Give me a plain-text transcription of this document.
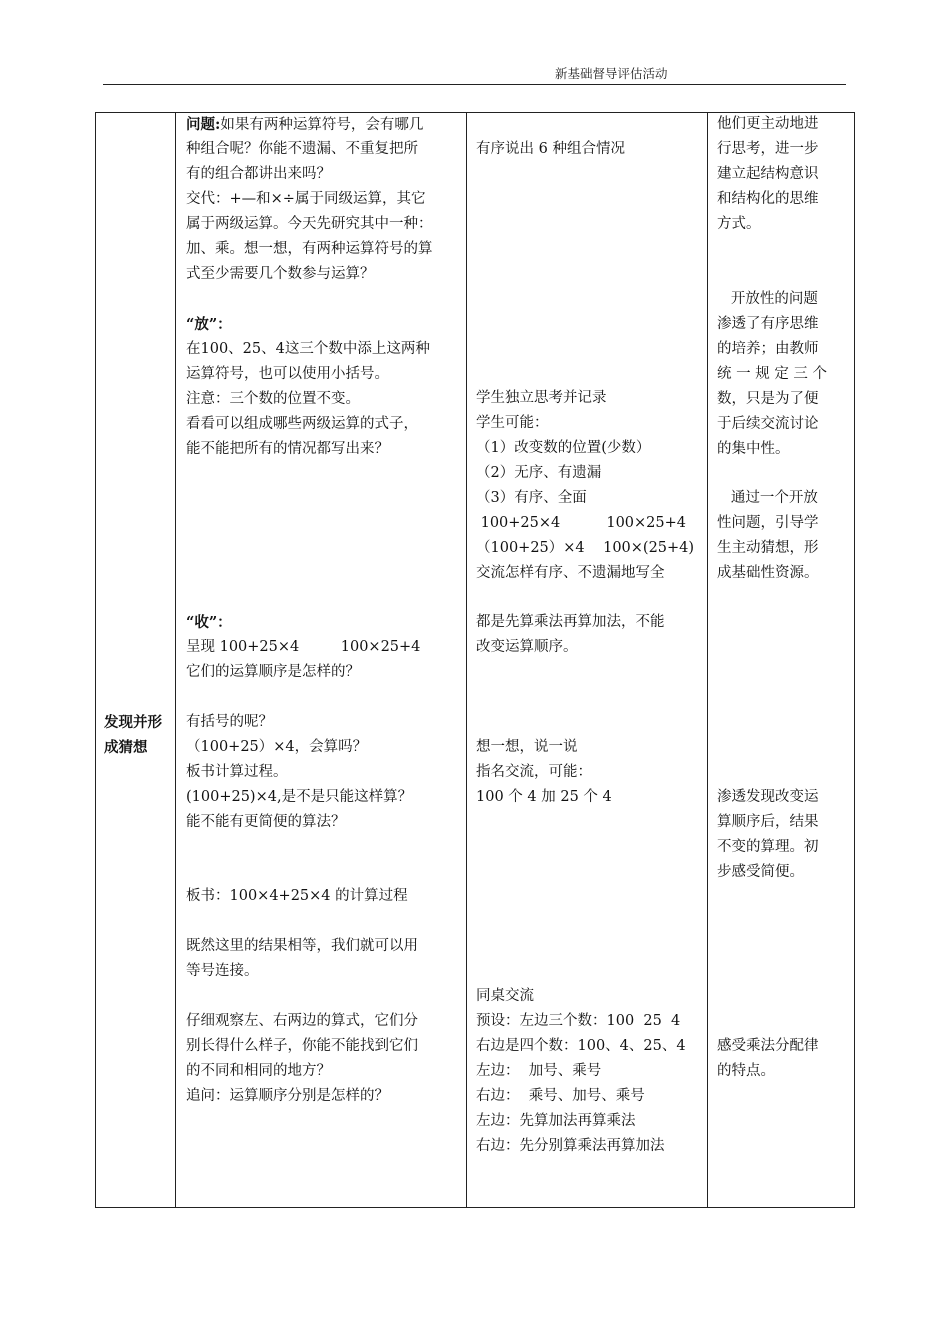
新基础督导评估活动
发现并形成猜想
问题:如果有两种运算符号，会有哪几
种组合呢？你能不遗漏、不重复把所
有的组合都讲出来吗？
交代：+—和×÷属于同级运算，其它
属于两级运算。今天先研究其中一种：
加、乘。想一想，有两种运算符号的算
式至少需要几个数参与运算？
“放”：
在100、25、4这三个数中添上这两种
运算符号，也可以使用小括号。
注意：三个数的位置不变。
看看可以组成哪些两级运算的式子，
能不能把所有的情况都写出来？
“收”：
呈现 100+25×4         100×25+4
它们的运算顺序是怎样的？
有括号的呢？
（100+25）×4，会算吗？
板书计算过程。
(100+25)×4,是不是只能这样算？
能不能有更简便的算法？
板书：100×4+25×4 的计算过程
既然这里的结果相等，我们就可以用
等号连接。
仔细观察左、右两边的算式，它们分
别长得什么样子，你能不能找到它们
的不同和相同的地方？
追问：运算顺序分别是怎样的？
有序说出 6 种组合情况
学生独立思考并记录
学生可能：
（1）改变数的位置(少数）
（2）无序、有遗漏
（3）有序、全面
100+25×4          100×25+4
（100+25）×4    100×(25+4)
交流怎样有序、不遗漏地写全
都是先算乘法再算加法，不能
改变运算顺序。
想一想，说一说
指名交流，可能：
100 个 4 加 25 个 4
同桌交流
预设：左边三个数：100  25  4
右边是四个数：100、4、25、4
左边：  加号、乘号
右边：  乘号、加号、乘号
左边：先算加法再算乘法
右边：先分别算乘法再算加法
他们更主动地进
行思考，进一步
建立起结构意识
和结构化的思维
方式。
开放性的问题
渗透了有序思维
的培养；由教师
统 一 规 定 三 个
数，只是为了便
于后续交流讨论
的集中性。
通过一个开放
性问题，引导学
生主动猜想，形
成基础性资源。
渗透发现改变运
算顺序后，结果
不变的算理。初
步感受简便。
感受乘法分配律
的特点。
